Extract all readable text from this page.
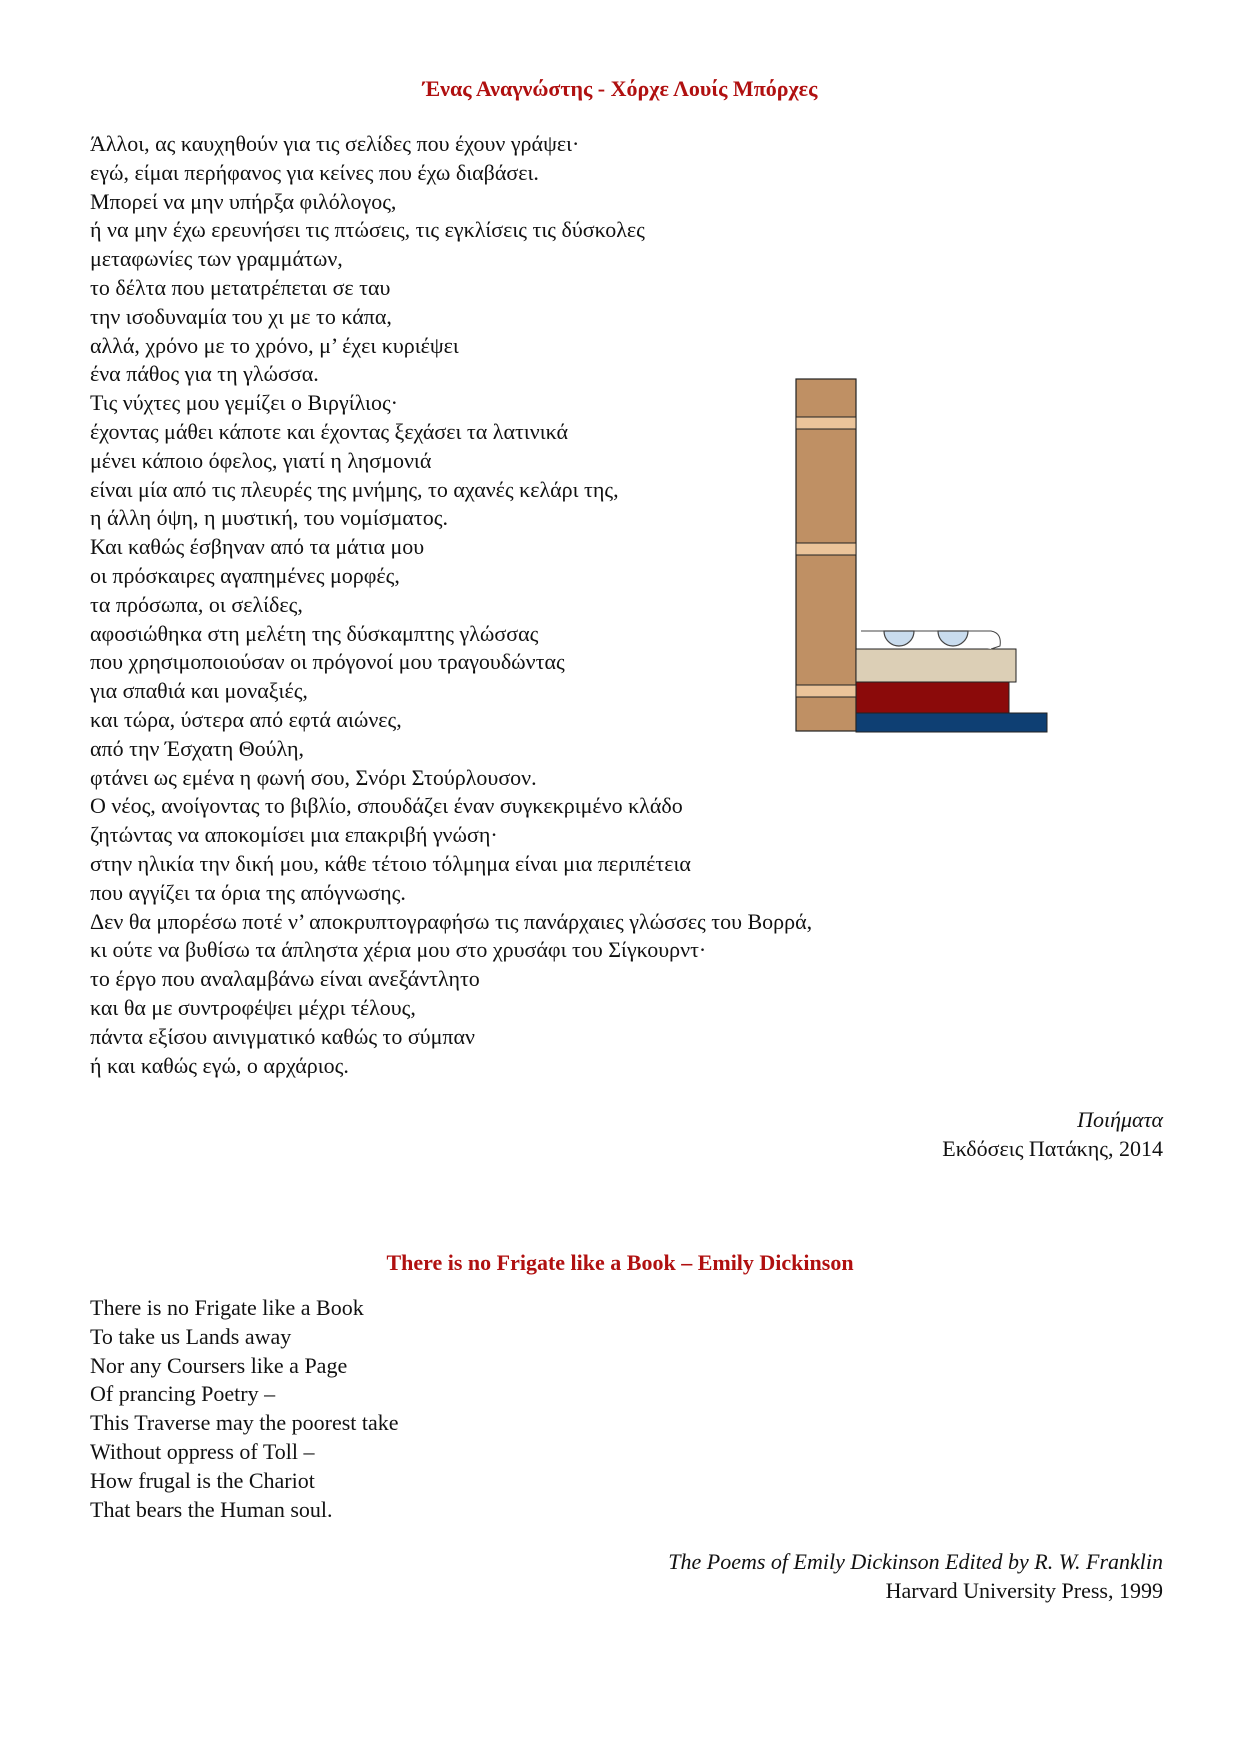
Ένας Αναγνώστης - Χόρχε Λουίς Μπόρχες
Άλλοι, ας καυχηθούν για τις σελίδες που έχουν γράψει·
εγώ, είμαι περήφανος για κείνες που έχω διαβάσει.
Μπορεί να μην υπήρξα φιλόλογος,
ή να μην έχω ερευνήσει τις πτώσεις, τις εγκλίσεις τις δύσκολες
μεταφωνίες των γραμμάτων,
το δέλτα που μετατρέπεται σε ταυ
την ισοδυναμία του χι με το κάπα,
αλλά, χρόνο με το χρόνο, μ’ έχει κυριέψει
ένα πάθος για τη γλώσσα.
Τις νύχτες μου γεμίζει ο Βιργίλιος·
έχοντας μάθει κάποτε και έχοντας ξεχάσει τα λατινικά
μένει κάποιο όφελος, γιατί η λησμονιά
είναι μία από τις πλευρές της μνήμης, το αχανές κελάρι της,
η άλλη όψη, η μυστική, του νομίσματος.
Και καθώς έσβηναν από τα μάτια μου
οι πρόσκαιρες αγαπημένες μορφές,
τα πρόσωπα, οι σελίδες,
αφοσιώθηκα στη μελέτη της δύσκαμπτης γλώσσας
που χρησιμοποιούσαν οι πρόγονοί μου τραγουδώντας
για σπαθιά και μοναξιές,
και τώρα, ύστερα από εφτά αιώνες,
από την Έσχατη Θούλη,
φτάνει ως εμένα η φωνή σου, Σνόρι Στούρλουσον.
Ο νέος, ανοίγοντας το βιβλίο, σπουδάζει έναν συγκεκριμένο κλάδο
ζητώντας να αποκομίσει μια επακριβή γνώση·
στην ηλικία την δική μου, κάθε τέτοιο τόλμημα είναι μια περιπέτεια
που αγγίζει τα όρια της απόγνωσης.
Δεν θα μπορέσω ποτέ ν’ αποκρυπτογραφήσω τις πανάρχαιες γλώσσες του Βορρά,
κι ούτε να βυθίσω τα άπληστα χέρια μου στο χρυσάφι του Σίγκουρντ·
το έργο που αναλαμβάνω είναι ανεξάντλητο
και θα με συντροφέψει μέχρι τέλους,
πάντα εξίσου αινιγματικό καθώς το σύμπαν
ή και καθώς εγώ, ο αρχάριος.
Ποιήματα
Εκδόσεις Πατάκης, 2014
There is no Frigate like a Book – Emily Dickinson
There is no Frigate like a Book
To take us Lands away
Nor any Coursers like a Page
Of prancing Poetry –
This Traverse may the poorest take
Without oppress of Toll –
How frugal is the Chariot
That bears the Human soul.
The Poems of Emily Dickinson Edited by R. W. Franklin
Harvard University Press, 1999
